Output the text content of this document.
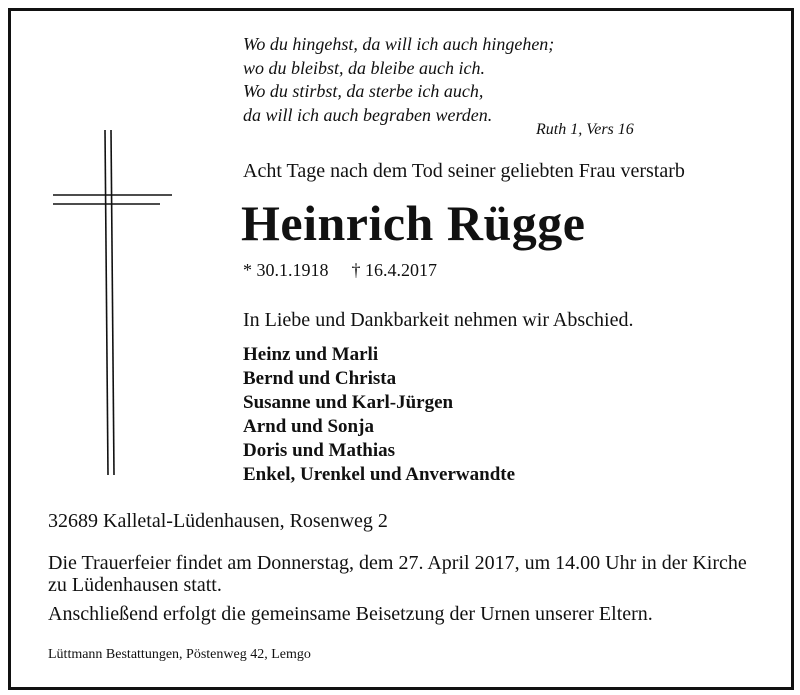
Wo du hingehst, da will ich auch hingehen;
wo du bleibst, da bleibe auch ich.
Wo du stirbst, da sterbe ich auch,
da will ich auch begraben werden.
Ruth 1, Vers 16
Acht Tage nach dem Tod seiner geliebten Frau verstarb
Heinrich Rügge
* 30.1.1918 † 16.4.2017
In Liebe und Dankbarkeit nehmen wir Abschied.
Heinz und Marli
Bernd und Christa
Susanne und Karl-Jürgen
Arnd und Sonja
Doris und Mathias
Enkel, Urenkel und Anverwandte
32689 Kalletal-Lüdenhausen, Rosenweg 2
Die Trauerfeier findet am Donnerstag, dem 27. April 2017, um 14.00 Uhr in der Kirche zu Lüdenhausen statt.
Anschließend erfolgt die gemeinsame Beisetzung der Urnen unserer Eltern.
Lüttmann Bestattungen, Pöstenweg 42, Lemgo
